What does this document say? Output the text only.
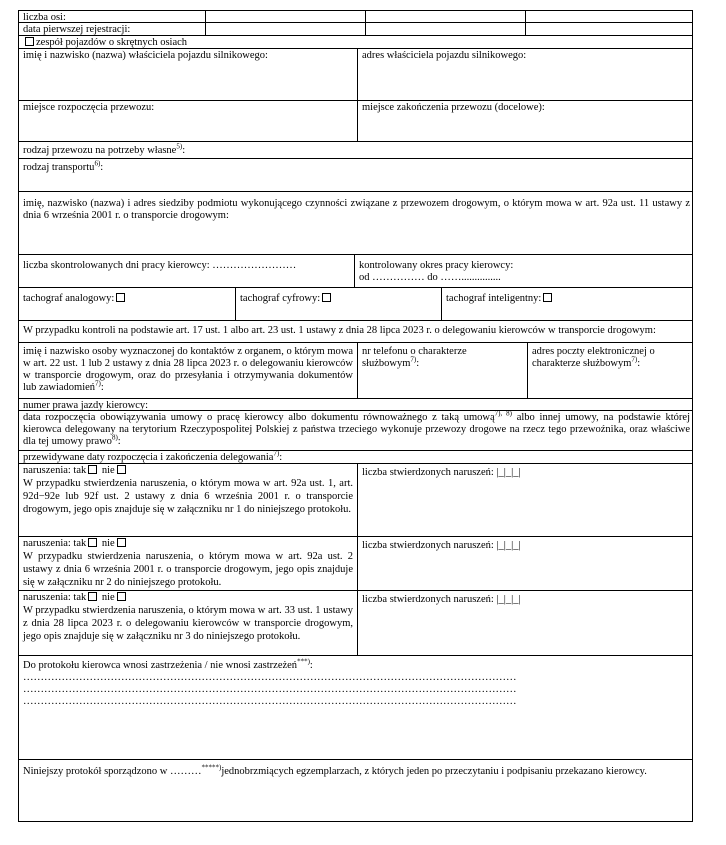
liczba osi:
data pierwszej rejestracji:
zespół pojazdów o skrętnych osiach
imię i nazwisko (nazwa) właściciela pojazdu silnikowego:	adres właściciela pojazdu silnikowego:
miejsce rozpoczęcia przewozu:	miejsce zakończenia przewozu (docelowe):
rodzaj przewozu na potrzeby własne$^{5)}$:
rodzaj transportu$^{6)}$:
imię, nazwisko (nazwa) i adres siedziby podmiotu wykonującego czynności związane z przewozem drogowym, o którym mowa w art. 92a ust. 11 ustawy z dnia 6 września 2001 r. o transporcie drogowym:
liczba skontrolowanych dni pracy kierowcy: ……………………	kontrolowany okres pracy kierowcy:
od …………… do ……...............
tachograf analogowy:	tachograf cyfrowy:	tachograf inteligentny:
W przypadku kontroli na podstawie art. 17 ust. 1 albo art. 23 ust. 1 ustawy z dnia 28 lipca 2023 r. o delegowaniu kierowców w transporcie drogowym:
imię i nazwisko osoby wyznaczonej do kontaktów z organem, o którym mowa w art. 22 ust. 1 lub 2 ustawy z dnia 28 lipca 2023 r. o delegowaniu kierowców w transporcie drogowym, oraz do przesyłania i otrzymywania dokumentów lub zawiadomień$^{7)}$:
nr telefonu o charakterze służbowym$^{7)}$:
adres poczty elektronicznej o charakterze służbowym$^{7)}$:
numer prawa jazdy kierowcy:
data rozpoczęcia obowiązywania umowy o pracę kierowcy albo dokumentu równoważnego z taką umową$^{7), 8)}$ albo innej umowy, na podstawie której kierowca delegowany na terytorium Rzeczypospolitej Polskiej z państwa trzeciego wykonuje przewozy drogowe na rzecz tego przewoźnika, oraz właściwe dla tej umowy prawo$^{8)}$:
przewidywane daty rozpoczęcia i zakończenia delegowania$^{7)}$:
naruszenia: tak nie
W przypadku stwierdzenia naruszenia, o którym mowa w art. 92a ust. 1, art. 92d−92e lub 92f ust. 2 ustawy z dnia 6 września 2001 r. o transporcie drogowym, jego opis znajduje się w załączniku nr 1 do niniejszego protokołu.
liczba stwierdzonych naruszeń: |_|_|_|
naruszenia: tak nie
W przypadku stwierdzenia naruszenia, o którym mowa w art. 92a ust. 2 ustawy z dnia 6 września 2001 r. o transporcie drogowym, jego opis znajduje się w załączniku nr 2 do niniejszego protokołu.
liczba stwierdzonych naruszeń: |_|_|_|
naruszenia: tak nie
W przypadku stwierdzenia naruszenia, o którym mowa w art. 33 ust. 1 ustawy z dnia 28 lipca 2023 r. o delegowaniu kierowców w transporcie drogowym, jego opis znajduje się w załączniku nr 3 do niniejszego protokołu.
liczba stwierdzonych naruszeń: |_|_|_|
Do protokołu kierowca wnosi zastrzeżenia / nie wnosi zastrzeżeń***):
……………………………………………………………………………………………………………………………
……………………………………………………………………………………………………………………………
……………………………………………………………………………………………………………………………
Niniejszy protokół sporządzono w ………*****)jednobrzmiących egzemplarzach, z których jeden po przeczytaniu i podpisaniu przekazano kierowcy.
